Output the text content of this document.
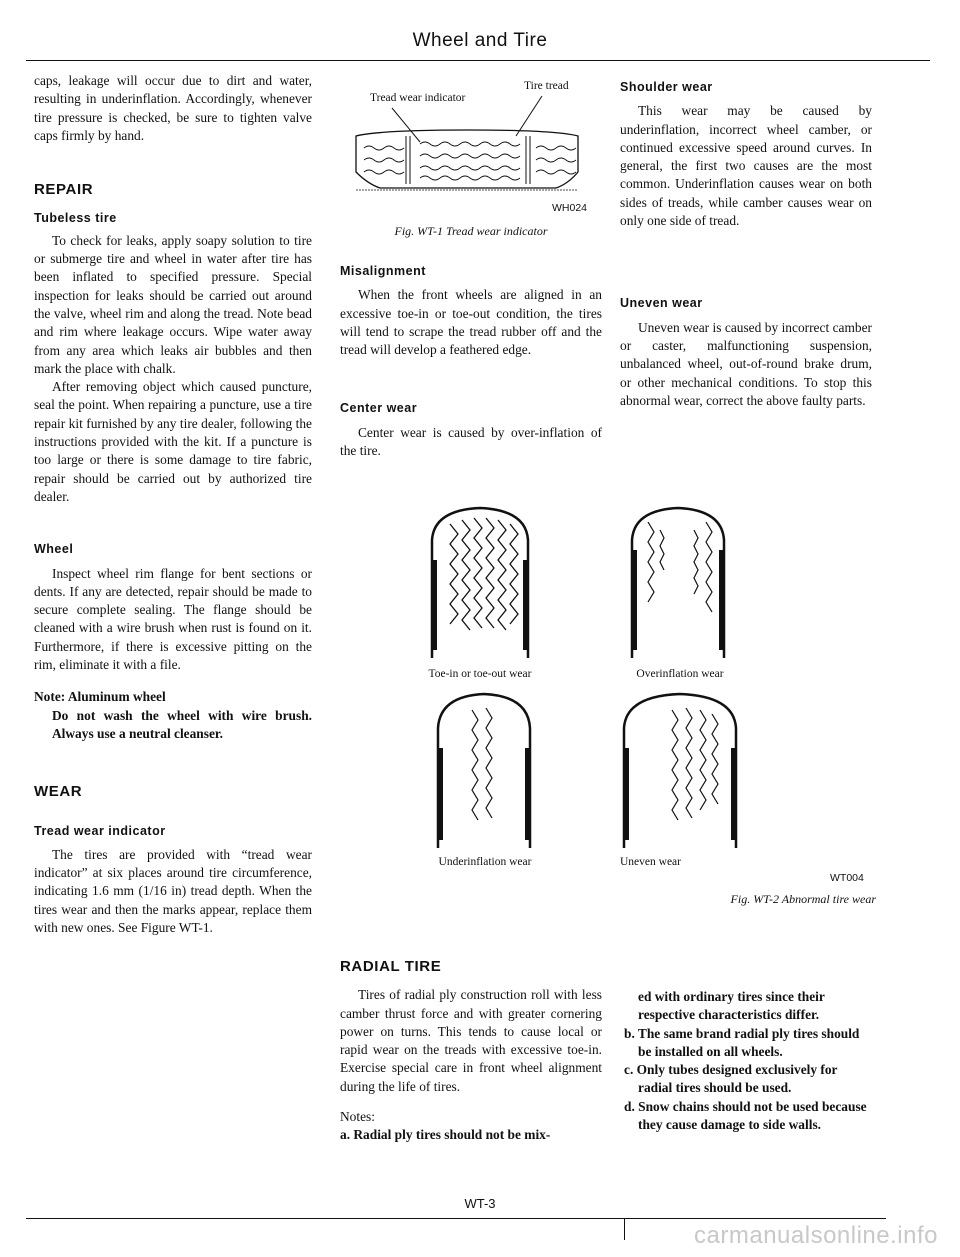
Wheel and Tire

caps, leakage will occur due to dirt and water, resulting in underinflation. Accordingly, whenever tire pressure is checked, be sure to tighten valve caps firmly by hand.

REPAIR
Tubeless tire

To check for leaks, apply soapy solution to tire or submerge tire and wheel in water after tire has been inflated to specified pressure. Special inspection for leaks should be carried out around the valve, wheel rim and along the tread. Note bead and rim where leakage occurs. Wipe water away from any area which leaks air bubbles and then mark the place with chalk.

After removing object which caused puncture, seal the point. When repairing a puncture, use a tire repair kit furnished by any tire dealer, following the instructions provided with the kit. If a puncture is too large or there is some damage to tire fabric, repair should be carried out by authorized tire dealer.

Wheel

Inspect wheel rim flange for bent sections or dents. If any are detected, repair should be made to secure complete sealing. The flange should be cleaned with a wire brush when rust is found on it. Furthermore, if there is excessive pitting on the rim, eliminate it with a file.

Note: Aluminum wheel

Do not wash the wheel with wire brush. Always use a neutral cleanser.

WEAR
Tread wear indicator

The tires are provided with “tread wear indicator” at six places around tire circumference, indicating 1.6 mm (1/16 in) tread depth. When the tires wear and then the marks appear, replace them with new ones. See Figure WT-1.

Tread wear indicator
Tire tread
WH024
Fig. WT-1 Tread wear indicator
Misalignment

When the front wheels are aligned in an excessive toe-in or toe-out condition, the tires will tend to scrape the tread rubber off and the tread will develop a feathered edge.

Center wear

Center wear is caused by over-inflation of the tire.

Shoulder wear

This wear may be caused by underinflation, incorrect wheel camber, or continued excessive speed around curves. In general, the first two causes are the most common. Underinflation causes wear on both sides of treads, while camber causes wear on only one side of tread.

Uneven wear

Uneven wear is caused by incorrect camber or caster, malfunctioning suspension, unbalanced wheel, out-of-round brake drum, or other mechanical conditions. To stop this abnormal wear, correct the above faulty parts.

Toe-in or toe-out wear	Overinflation wear
Underinflation wear	Uneven wear
WT004
Fig. WT-2 Abnormal tire wear
RADIAL TIRE

Tires of radial ply construction roll with less camber thrust force and with greater cornering power on turns. This tends to cause local or rapid wear on the treads with excessive toe-in. Exercise special care in front wheel alignment during the life of tires.

Notes:

a. Radial ply tires should not be mix-

ed with ordinary tires since their respective characteristics differ.

b. The same brand radial ply tires should be installed on all wheels.

c. Only tubes designed exclusively for radial tires should be used.

d. Snow chains should not be used because they cause damage to side walls.

WT-3
carmanualsonline.info
